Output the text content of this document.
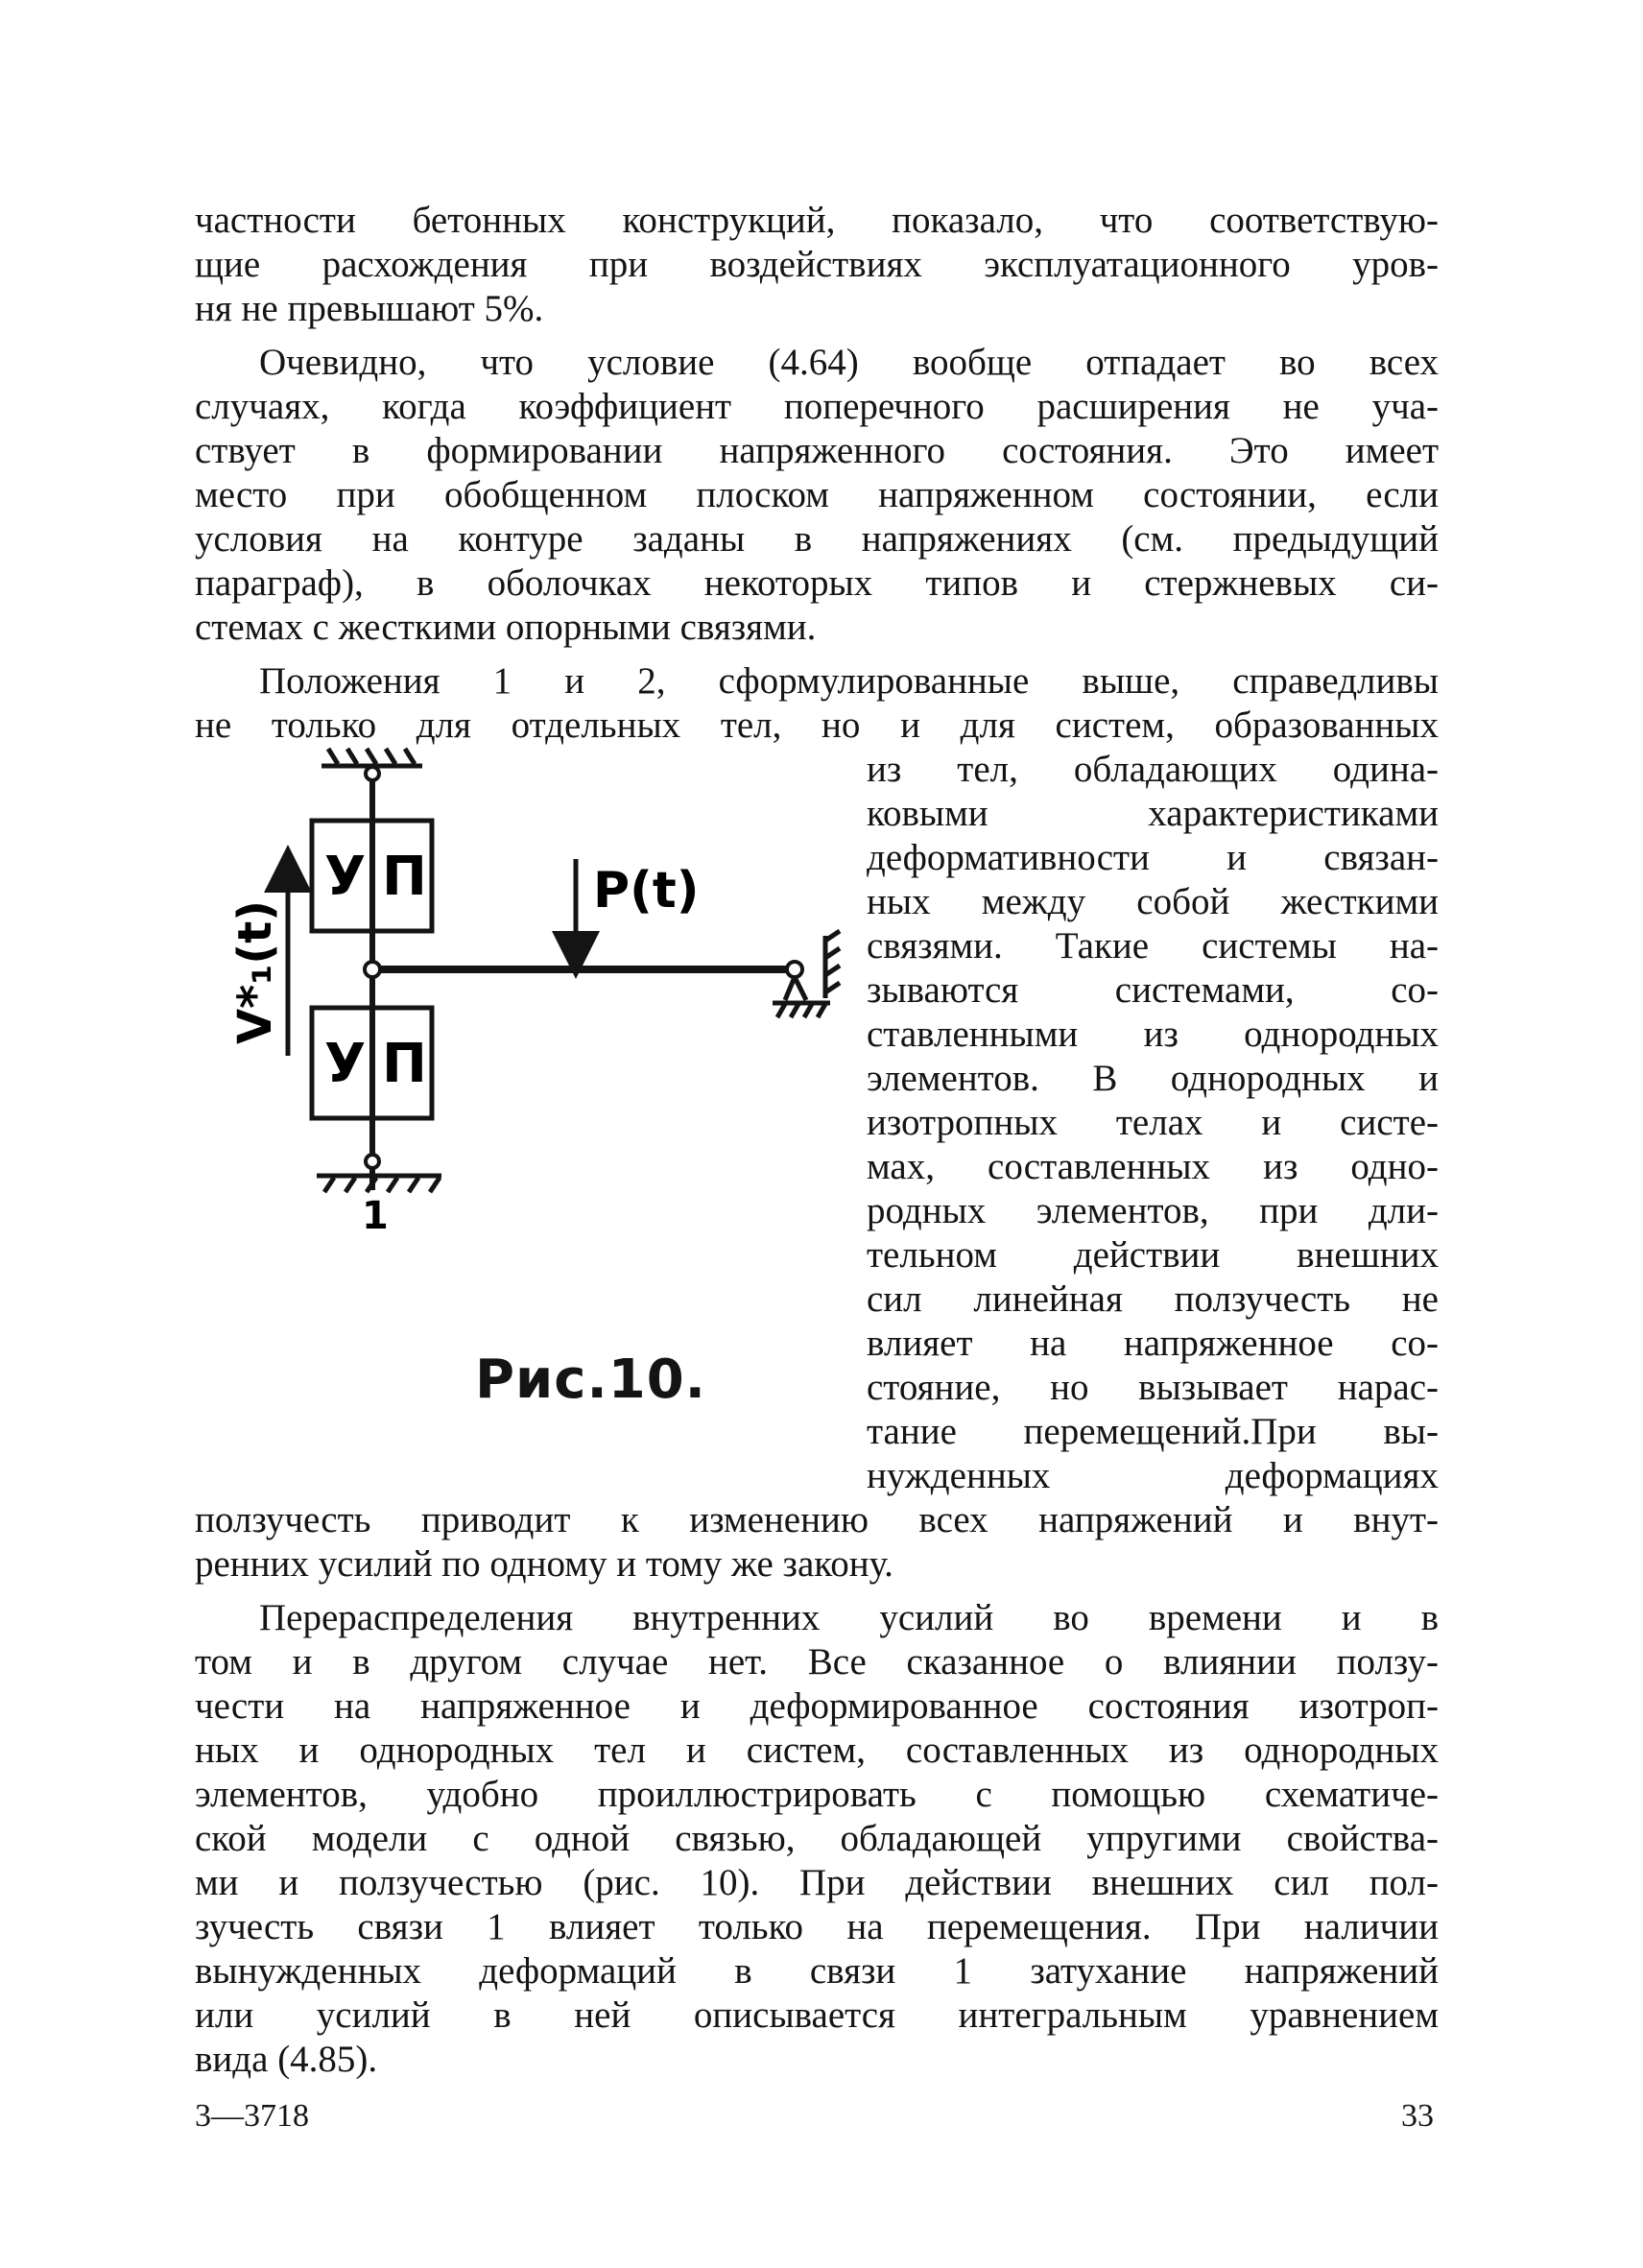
частности бетонных конструкций, показало, что соответствую-
щие расхождения при воздействиях эксплуатационного уров-
ня не превышают 5%.
Очевидно, что условие (4.64) вообще отпадает во всех
случаях, когда коэффициент поперечного расширения не уча-
ствует в формировании напряженного состояния. Это имеет
место при обобщенном плоском напряженном состоянии, если
условия на контуре заданы в напряжениях (см. предыдущий
параграф), в оболочках некоторых типов и стержневых си-
стемах с жесткими опорными связями.
Положения 1 и 2, сформулированные выше, справедливы
не только для отдельных тел, но и для систем, образованных
из тел, обладающих одина-
ковыми характеристиками
деформативности и связан-
ных между собой жесткими
связями. Такие системы на-
зываются системами, со-
ставленными из однородных
элементов. В однородных и
изотропных телах и систе-
мах, составленных из одно-
родных элементов, при дли-
тельном действии внешних
сил линейная ползучесть не
влияет на напряженное со-
стояние, но вызывает нарас-
тание перемещений.При вы-
нужденных деформациях
ползучесть приводит к изменению всех напряжений и внут-
ренних усилий по одному и тому же закону.
Перераспределения внутренних усилий во времени и в
том и в другом случае нет. Все сказанное о влиянии ползу-
чести на напряженное и деформированное состояния изотроп-
ных и однородных тел и систем, составленных из однородных
элементов, удобно проиллюстрировать с помощью схематиче-
ской модели с одной связью, обладающей упругими свойства-
ми и ползучестью (рис. 10). При действии внешних сил пол-
зучесть связи 1 влияет только на перемещения. При наличии
вынужденных деформаций в связи 1 затухание напряжений
или усилий в ней описывается интегральным уравнением
вида (4.85).
У П	P(t)
V*₁(t)
У П
1
Рис.10.
3—3718	33
